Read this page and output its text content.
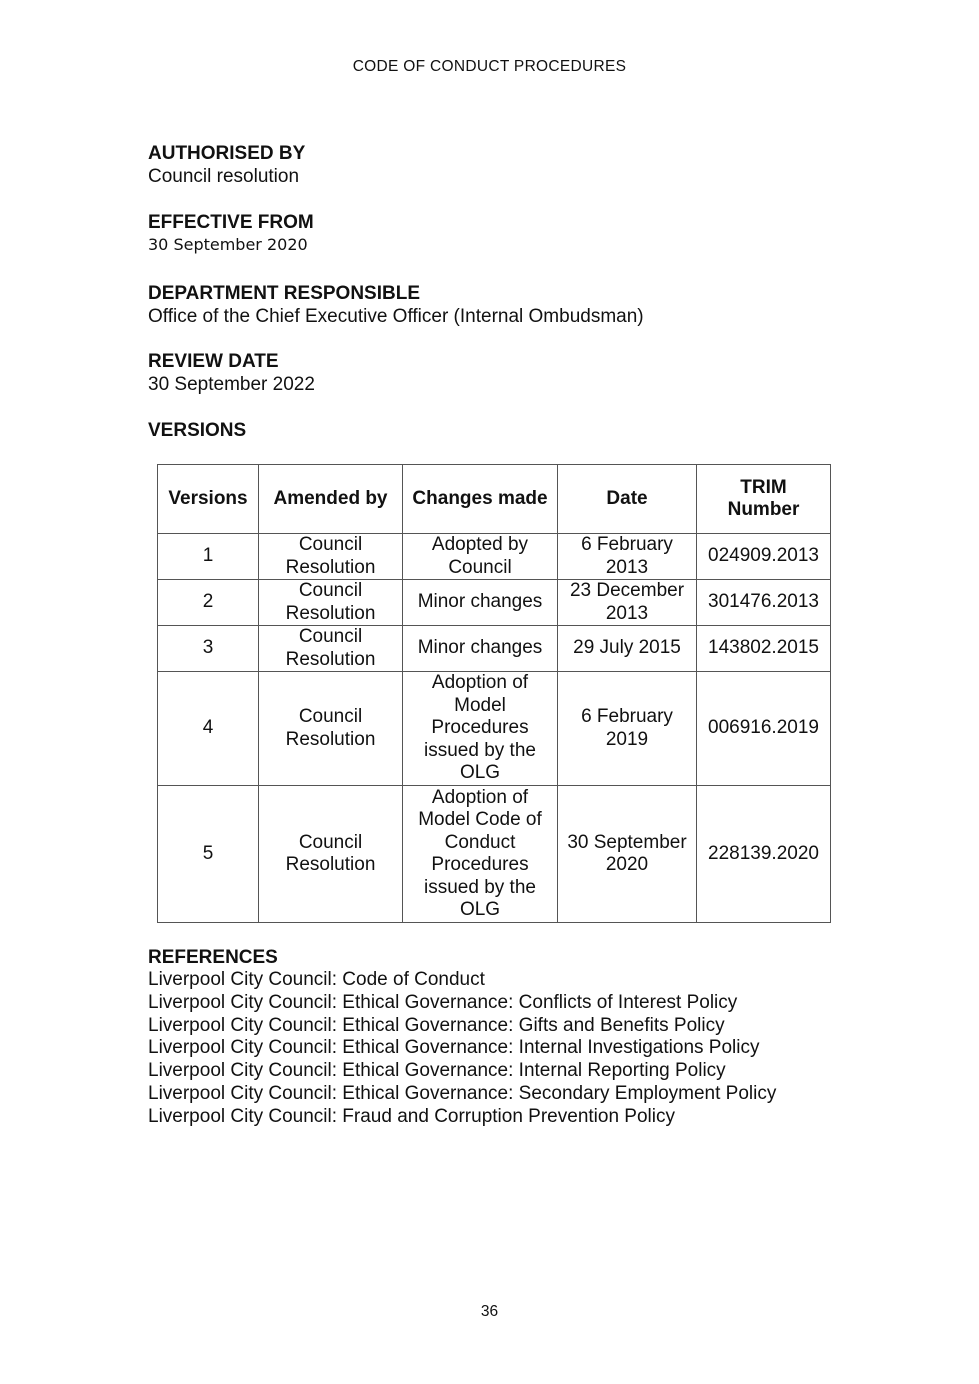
CODE OF CONDUCT PROCEDURES

AUTHORISED BY

Council resolution

EFFECTIVE FROM

30 September 2020

DEPARTMENT RESPONSIBLE

Office of the Chief Executive Officer (Internal Ombudsman)

REVIEW DATE

30 September 2022

VERSIONS

Versions	Amended by	Changes made	Date	TRIM Number
1	Council Resolution	Adopted by Council	6 February 2013	024909.2013
2	Council Resolution	Minor changes	23 December 2013	301476.2013
3	Council Resolution	Minor changes	29 July 2015	143802.2015
4	Council Resolution	Adoption of Model Procedures issued by the OLG	6 February 2019	006916.2019
5	Council Resolution	Adoption of Model Code of Conduct Procedures issued by the OLG	30 September 2020	228139.2020

REFERENCES

Liverpool City Council: Code of Conduct

Liverpool City Council: Ethical Governance: Conflicts of Interest Policy

Liverpool City Council: Ethical Governance: Gifts and Benefits Policy

Liverpool City Council: Ethical Governance: Internal Investigations Policy

Liverpool City Council: Ethical Governance: Internal Reporting Policy

Liverpool City Council: Ethical Governance: Secondary Employment Policy

Liverpool City Council: Fraud and Corruption Prevention Policy

36
